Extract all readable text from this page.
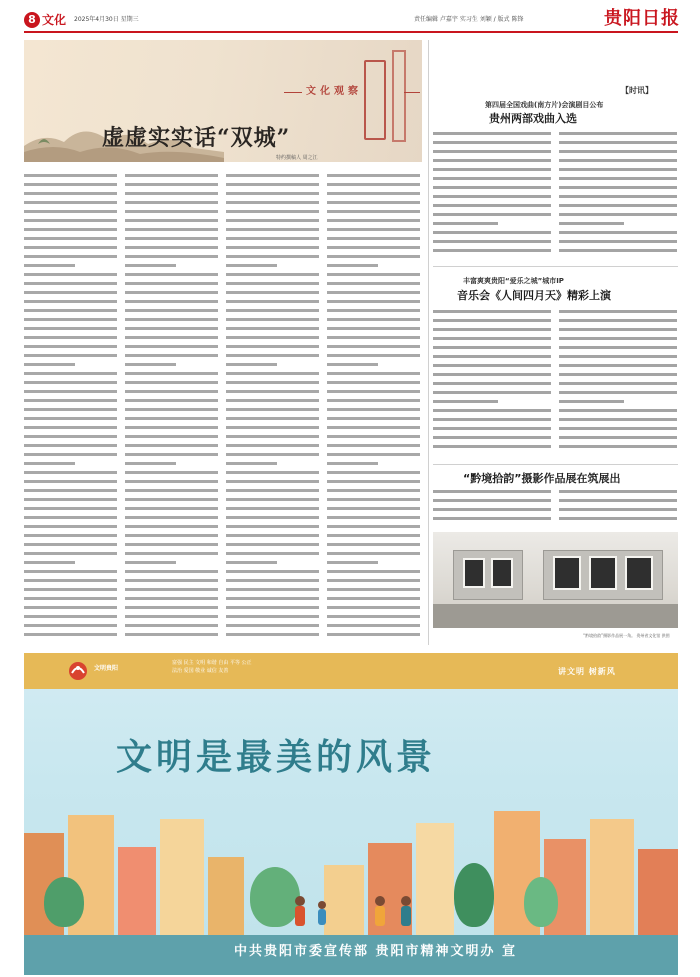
8 文化 2025年4月30日 星期三	责任编辑 卢嘉宇 实习生 刘颖 / 版式 陈锋	贵阳日报
文化观察
虚虚实实话“双城”
特约撰稿人 周之江
【时讯】
第四届全国戏曲(南方片)会演剧目公布
贵州两部戏曲入选
丰富爽爽贵阳“爱乐之城”城市IP
音乐会《人间四月天》精彩上演
“黔境拾韵”摄影作品展在筑展出
“黔境拾韵”摄影作品展一角。 贵州省文化馆 供图
文明贵阳
富强 民主 文明 和谐 自由 平等 公正 法治 爱国 敬业 诚信 友善	讲文明 树新风
文明是最美的风景
中共贵阳市委宣传部 贵阳市精神文明办 宣
